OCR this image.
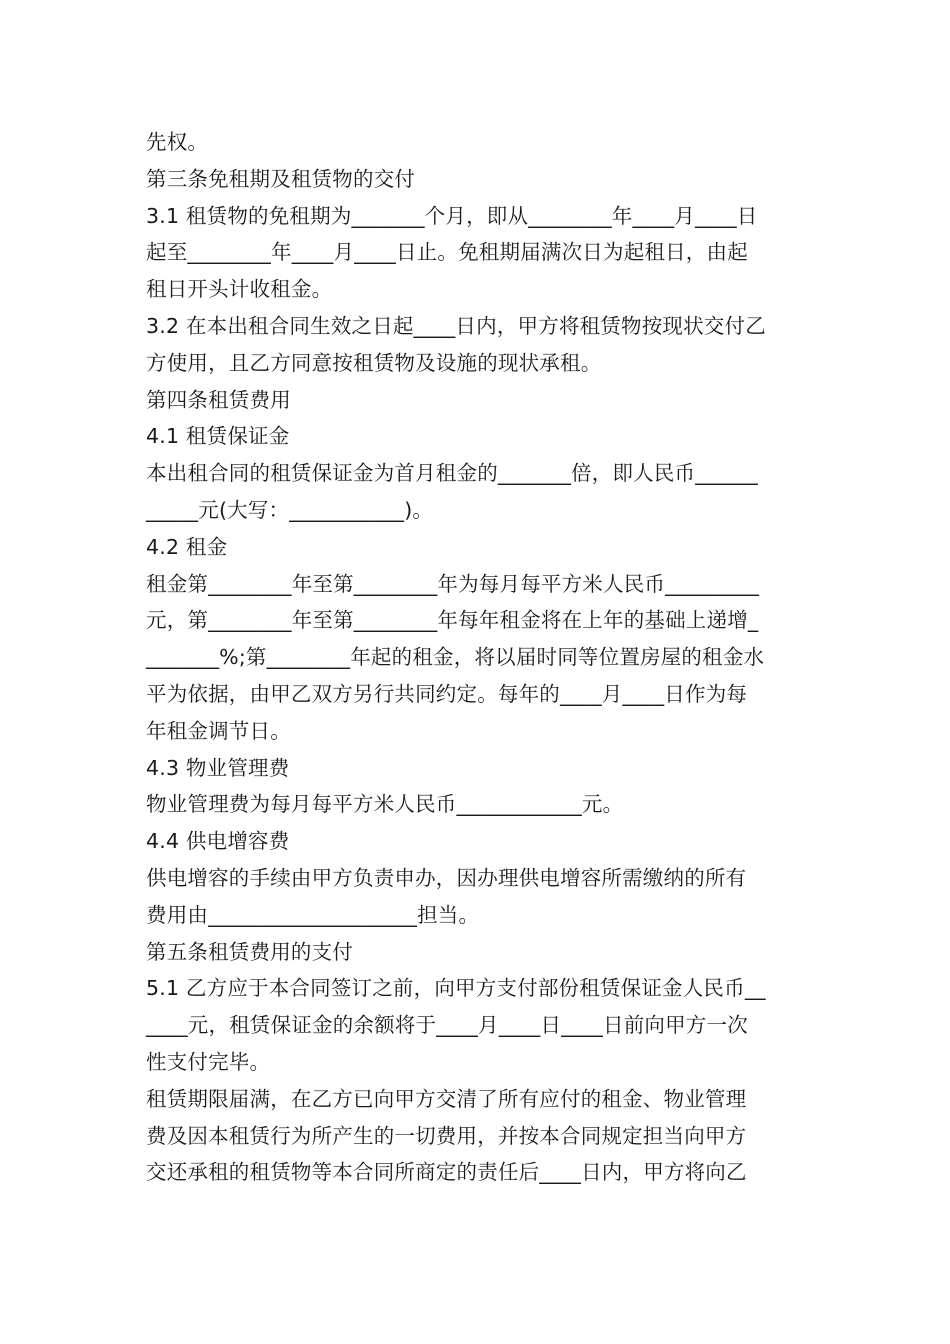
先权。
第三条免租期及租赁物的交付
3.1 租赁物的免租期为_______个月，即从________年____月____日
起至________年____月____日止。免租期届满次日为起租日，由起
租日开头计收租金。
3.2 在本出租合同生效之日起____日内，甲方将租赁物按现状交付乙
方使用，且乙方同意按租赁物及设施的现状承租。
第四条租赁费用
4.1 租赁保证金
本出租合同的租赁保证金为首月租金的_______倍，即人民币______
_____元(大写：___________)。
4.2 租金
租金第________年至第________年为每月每平方米人民币_________
元，第________年至第________年每年租金将在上年的基础上递增_
_______%;第________年起的租金，将以届时同等位置房屋的租金水
平为依据，由甲乙双方另行共同约定。每年的____月____日作为每
年租金调节日。
4.3 物业管理费
物业管理费为每月每平方米人民币____________元。
4.4 供电增容费
供电增容的手续由甲方负责申办，因办理供电增容所需缴纳的所有
费用由____________________担当。
第五条租赁费用的支付
5.1 乙方应于本合同签订之前，向甲方支付部份租赁保证金人民币__
____元，租赁保证金的余额将于____月____日____日前向甲方一次
性支付完毕。
租赁期限届满，在乙方已向甲方交清了所有应付的租金、物业管理
费及因本租赁行为所产生的一切费用，并按本合同规定担当向甲方
交还承租的租赁物等本合同所商定的责任后____日内，甲方将向乙
